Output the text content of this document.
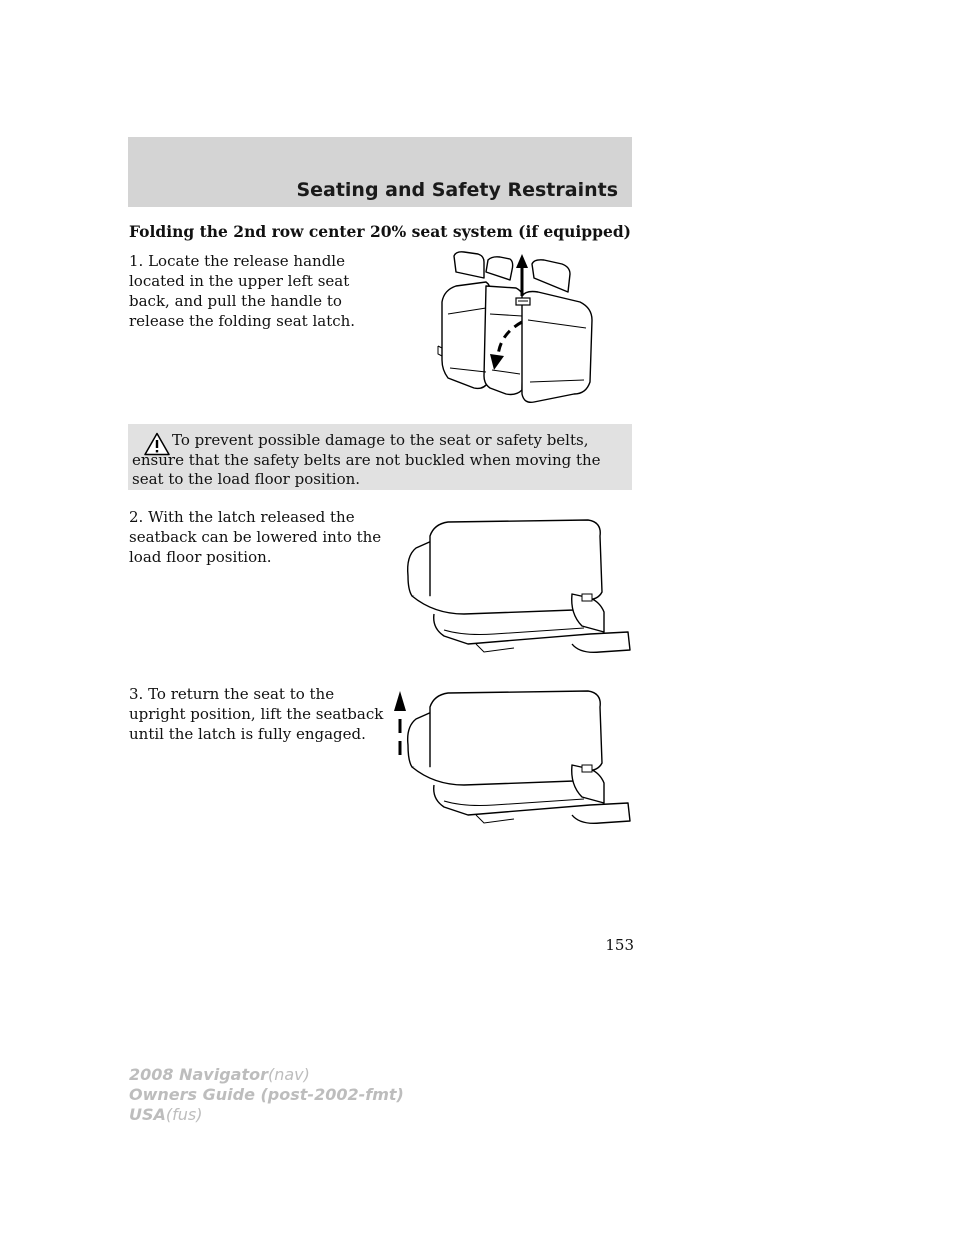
Seating and Safety Restraints
Folding the 2nd row center 20% seat system (if equipped)
1. Locate the release handle located in the upper left seat back, and pull the handle to release the folding seat latch.
To prevent possible damage to the seat or safety belts, ensure that the safety belts are not buckled when moving the seat to the load floor position.
2. With the latch released the seatback can be lowered into the load floor position.
3. To return the seat to the upright position, lift the seatback until the latch is fully engaged.
153
2008 Navigator(nav)
Owners Guide (post-2002-fmt)
USA(fus)
